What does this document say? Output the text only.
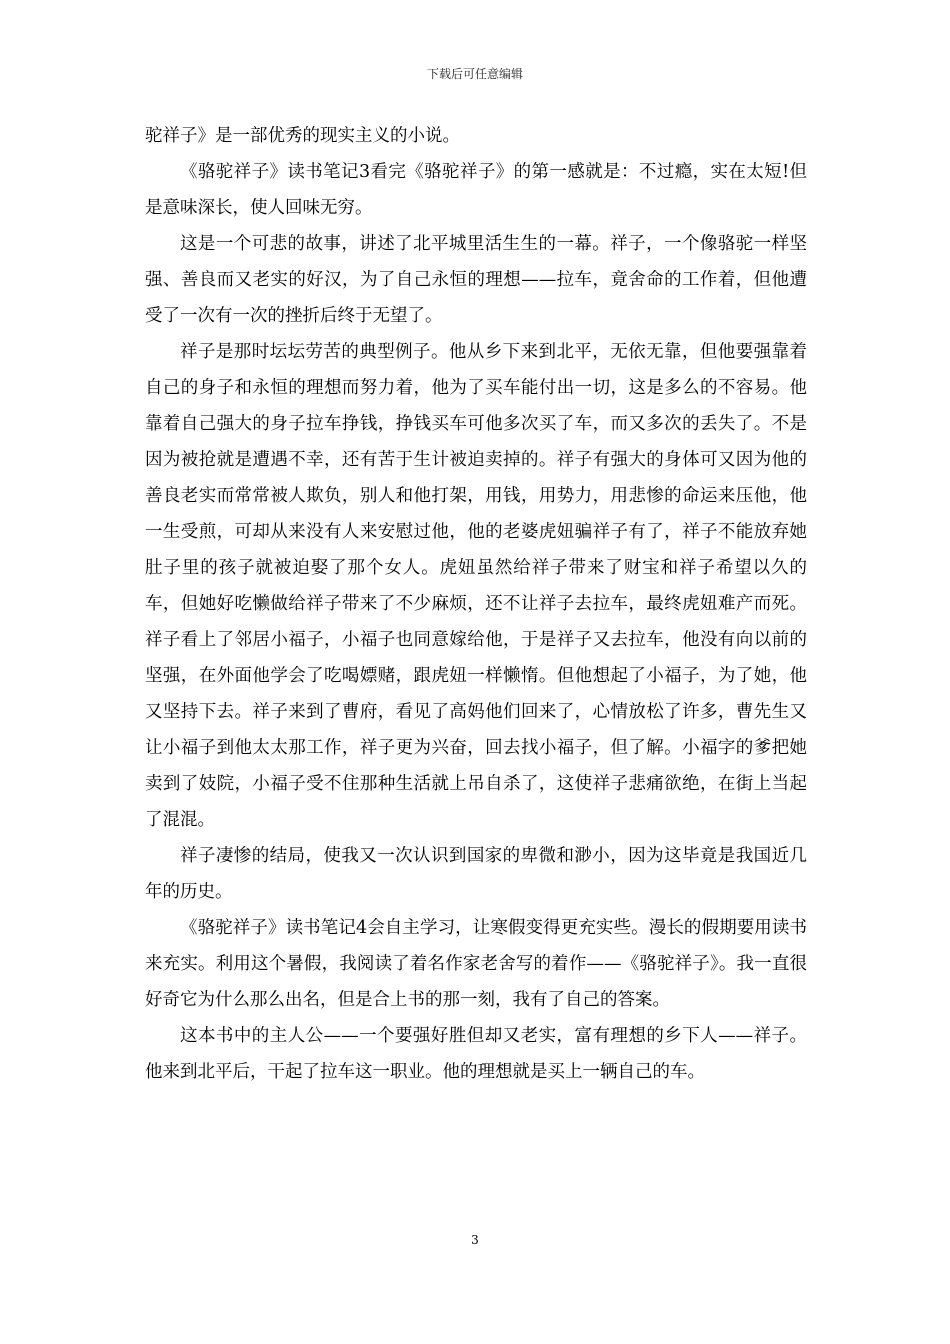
下载后可任意编辑

驼祥子》是一部优秀的现实主义的小说。

《骆驼祥子》读书笔记3看完《骆驼祥子》的第一感就是：不过瘾，实在太短!但是意味深长，使人回味无穷。

这是一个可悲的故事，讲述了北平城里活生生的一幕。祥子，一个像骆驼一样坚强、善良而又老实的好汉，为了自己永恒的理想——拉车，竟舍命的工作着，但他遭受了一次有一次的挫折后终于无望了。

祥子是那时坛坛劳苦的典型例子。他从乡下来到北平，无依无靠，但他要强靠着自己的身子和永恒的理想而努力着，他为了买车能付出一切，这是多么的不容易。他靠着自己强大的身子拉车挣钱，挣钱买车可他多次买了车，而又多次的丢失了。不是因为被抢就是遭遇不幸，还有苦于生计被迫卖掉的。祥子有强大的身体可又因为他的善良老实而常常被人欺负，别人和他打架，用钱，用势力，用悲惨的命运来压他，他一生受煎，可却从来没有人来安慰过他，他的老婆虎妞骗祥子有了，祥子不能放弃她肚子里的孩子就被迫娶了那个女人。虎妞虽然给祥子带来了财宝和祥子希望以久的车，但她好吃懒做给祥子带来了不少麻烦，还不让祥子去拉车，最终虎妞难产而死。祥子看上了邻居小福子，小福子也同意嫁给他，于是祥子又去拉车，他没有向以前的坚强，在外面他学会了吃喝嫖赌，跟虎妞一样懒惰。但他想起了小福子，为了她，他又坚持下去。祥子来到了曹府，看见了高妈他们回来了，心情放松了许多，曹先生又让小福子到他太太那工作，祥子更为兴奋，回去找小福子，但了解。小福字的爹把她卖到了妓院，小福子受不住那种生活就上吊自杀了，这使祥子悲痛欲绝，在街上当起了混混。

祥子凄惨的结局，使我又一次认识到国家的卑微和渺小，因为这毕竟是我国近几年的历史。

《骆驼祥子》读书笔记4会自主学习，让寒假变得更充实些。漫长的假期要用读书来充实。利用这个暑假，我阅读了着名作家老舍写的着作——《骆驼祥子》。我一直很好奇它为什么那么出名，但是合上书的那一刻，我有了自己的答案。

这本书中的主人公——一个要强好胜但却又老实，富有理想的乡下人——祥子。他来到北平后，干起了拉车这一职业。他的理想就是买上一辆自己的车。

3
